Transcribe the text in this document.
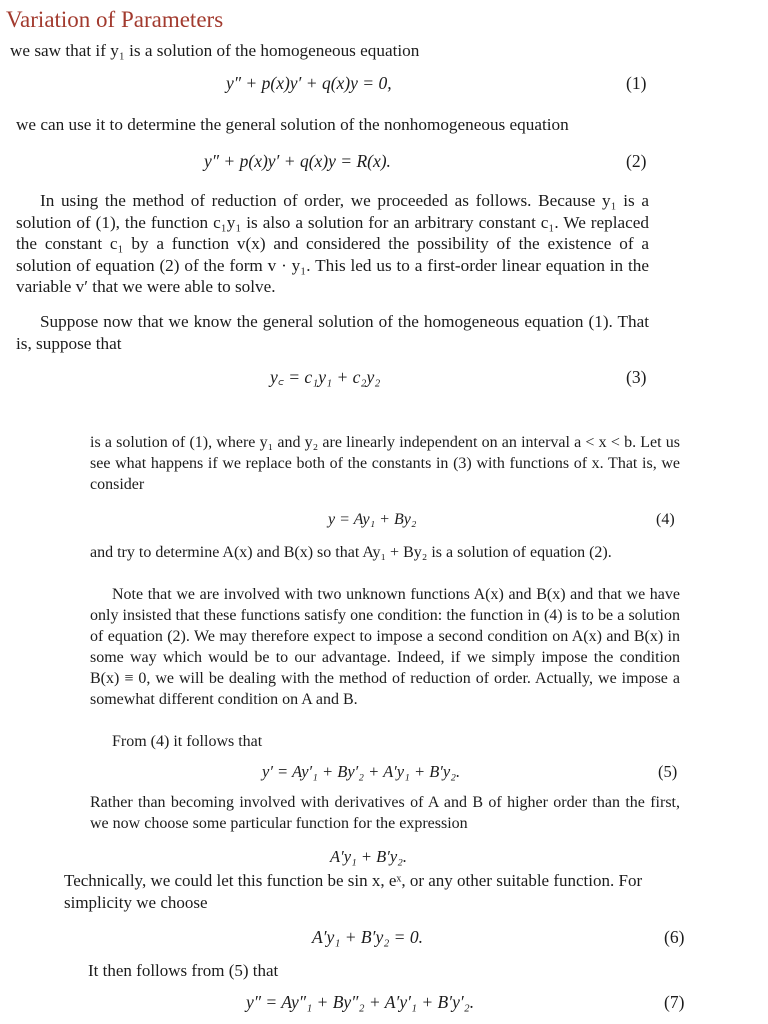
Variation of Parameters

we saw that if y₁ is a solution of the homogeneous equation

y″ + p(x)y′ + q(x)y = 0,	(1)

we can use it to determine the general solution of the nonhomogeneous equation

y″ + p(x)y′ + q(x)y = R(x).	(2)

In using the method of reduction of order, we proceeded as follows. Because y₁ is a solution of (1), the function c₁y₁ is also a solution for an arbitrary constant c₁. We replaced the constant c₁ by a function v(x) and considered the possibility of the existence of a solution of equation (2) of the form v · y₁. This led us to a first-order linear equation in the variable v′ that we were able to solve.

Suppose now that we know the general solution of the homogeneous equation (1). That is, suppose that

y꜀ = c₁y₁ + c₂y₂	(3)

is a solution of (1), where y₁ and y₂ are linearly independent on an interval a < x < b. Let us see what happens if we replace both of the constants in (3) with functions of x. That is, we consider

y = Ay₁ + By₂	(4)

and try to determine A(x) and B(x) so that Ay₁ + By₂ is a solution of equation (2).

Note that we are involved with two unknown functions A(x) and B(x) and that we have only insisted that these functions satisfy one condition: the function in (4) is to be a solution of equation (2). We may therefore expect to impose a second condition on A(x) and B(x) in some way which would be to our advantage. Indeed, if we simply impose the condition B(x) ≡ 0, we will be dealing with the method of reduction of order. Actually, we impose a somewhat different condition on A and B.

From (4) it follows that

y′ = Ay′₁ + By′₂ + A′y₁ + B′y₂.	(5)

Rather than becoming involved with derivatives of A and B of higher order than the first, we now choose some particular function for the expression

A′y₁ + B′y₂.

Technically, we could let this function be sin x, eˣ, or any other suitable function. For simplicity we choose

A′y₁ + B′y₂ = 0.	(6)

It then follows from (5) that

y″ = Ay″₁ + By″₂ + A′y′₁ + B′y′₂.	(7)
